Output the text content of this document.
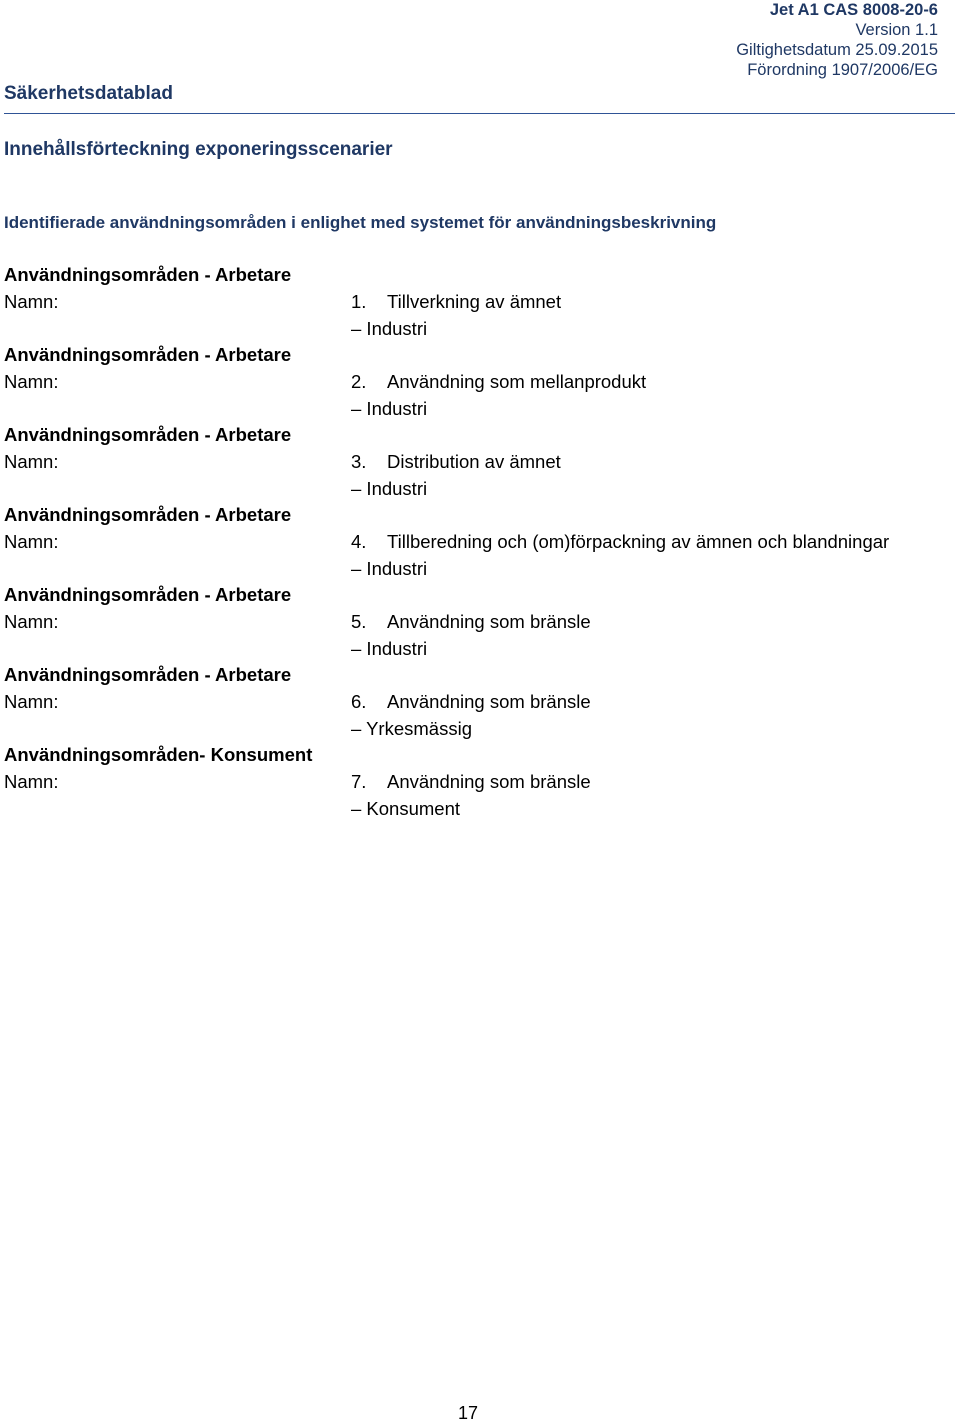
Jet A1 CAS 8008-20-6
Version 1.1
Giltighetsdatum 25.09.2015
Förordning 1907/2006/EG
Säkerhetsdatablad
Innehållsförteckning exponeringsscenarier
Identifierade användningsområden i enlighet med systemet för användningsbeskrivning
Användningsområden - Arbetare
Namn:	1. Tillverkning av ämnet
– Industri
Användningsområden - Arbetare
Namn:	2. Användning som mellanprodukt
– Industri
Användningsområden - Arbetare
Namn:	3. Distribution av ämnet
– Industri
Användningsområden - Arbetare
Namn:	4. Tillberedning och (om)förpackning av ämnen och blandningar
– Industri
Användningsområden - Arbetare
Namn:	5. Användning som bränsle
– Industri
Användningsområden - Arbetare
Namn:	6. Användning som bränsle
– Yrkesmässig
Användningsområden- Konsument
Namn:	7. Användning som bränsle
– Konsument
17
